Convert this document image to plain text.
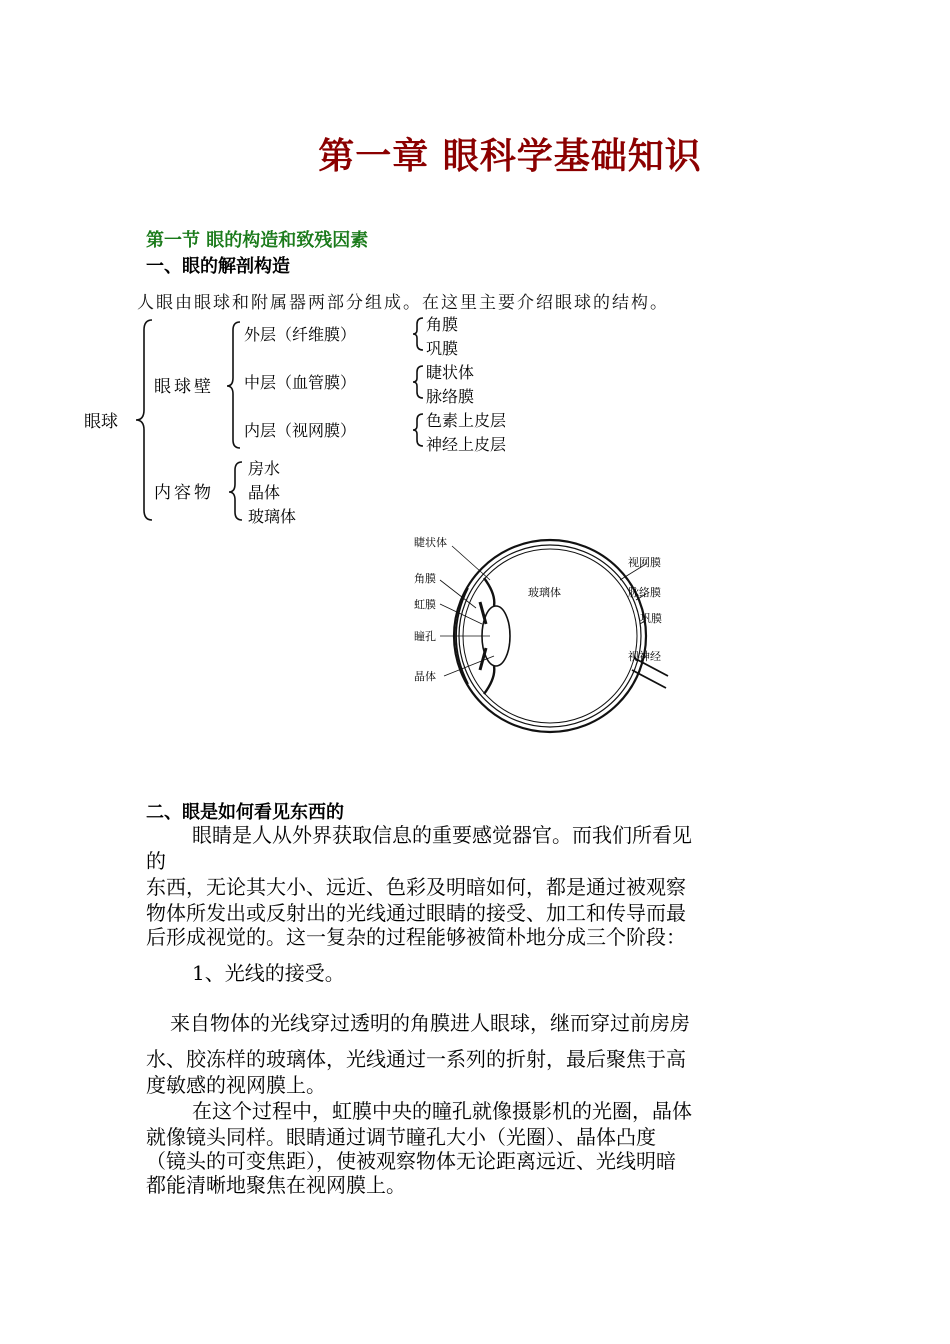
第一章 眼科学基础知识
第一节 眼的构造和致残因素
一、眼的解剖构造
人眼由眼球和附属器两部分组成。在这里主要介绍眼球的结构。
眼球
眼球壁
内容物
外层（纤维膜）
中层（血管膜）
内层（视网膜）
角膜
巩膜
睫状体
脉络膜
色素上皮层
神经上皮层
房水
晶体
玻璃体
睫状体
角膜
虹膜
瞳孔
晶体
玻璃体
视网膜
脉络膜
巩膜
视神经
二、眼是如何看见东西的
眼睛是人从外界获取信息的重要感觉器官。而我们所看见
的
东西，无论其大小、远近、色彩及明暗如何，都是通过被观察
物体所发出或反射出的光线通过眼睛的接受、加工和传导而最
后形成视觉的。这一复杂的过程能够被简朴地分成三个阶段：
1、光线的接受。
来自物体的光线穿过透明的角膜进人眼球，继而穿过前房房
水、胶冻样的玻璃体，光线通过一系列的折射，最后聚焦于高
度敏感的视网膜上。
在这个过程中，虹膜中央的瞳孔就像摄影机的光圈，晶体
就像镜头同样。眼睛通过调节瞳孔大小（光圈）、晶体凸度
（镜头的可变焦距），使被观察物体无论距离远近、光线明暗
都能清晰地聚焦在视网膜上。
